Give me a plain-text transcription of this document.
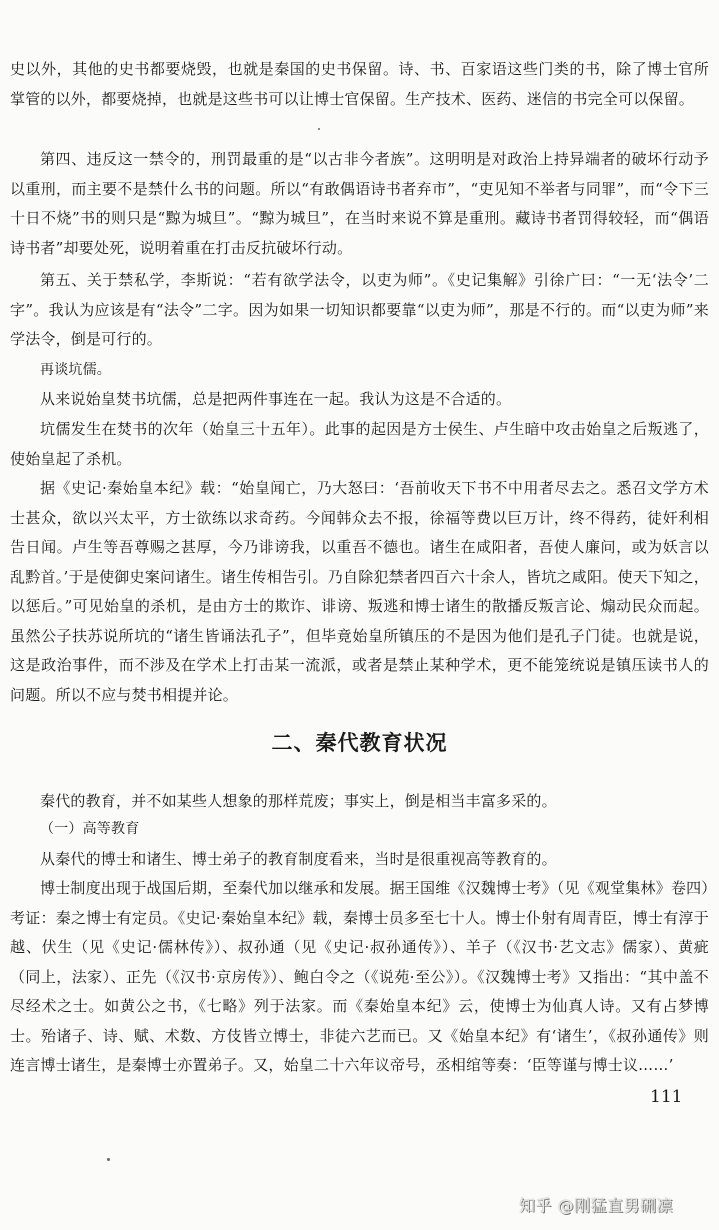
史以外，其他的史书都要烧毁，也就是秦国的史书保留。诗、书、百家语这些门类的书，除了博士官所掌管的以外，都要烧掉，也就是这些书可以让博士官保留。生产技术、医药、迷信的书完全可以保留。

第四、违反这一禁令的，刑罚最重的是“以古非今者族”。这明明是对政治上持异端者的破坏行动予以重刑，而主要不是禁什么书的问题。所以“有敢偶语诗书者弃市”，“吏见知不举者与同罪”，而“令下三十日不烧”书的则只是“黥为城旦”。“黥为城旦”，在当时来说不算是重刑。藏诗书者罚得较轻，而“偶语诗书者”却要处死，说明着重在打击反抗破坏行动。

第五、关于禁私学，李斯说：“若有欲学法令，以吏为师”。《史记集解》引徐广曰：“一无‘法令’二字”。我认为应该是有“法令”二字。因为如果一切知识都要靠“以吏为师”，那是不行的。而“以吏为师”来学法令，倒是可行的。

再谈坑儒。

从来说始皇焚书坑儒，总是把两件事连在一起。我认为这是不合适的。

坑儒发生在焚书的次年（始皇三十五年）。此事的起因是方士侯生、卢生暗中攻击始皇之后叛逃了，使始皇起了杀机。

据《史记·秦始皇本纪》载：“始皇闻亡，乃大怒曰：‘吾前收天下书不中用者尽去之。悉召文学方术士甚众，欲以兴太平，方士欲练以求奇药。今闻韩众去不报，徐福等费以巨万计，终不得药，徒奸利相告日闻。卢生等吾尊赐之甚厚，今乃诽谤我，以重吾不德也。诸生在咸阳者，吾使人廉问，或为妖言以乱黔首。’于是使御史案问诸生。诸生传相告引。乃自除犯禁者四百六十余人，皆坑之咸阳。使天下知之，以惩后。”可见始皇的杀机，是由方士的欺诈、诽谤、叛逃和博士诸生的散播反叛言论、煽动民众而起。虽然公子扶苏说所坑的“诸生皆诵法孔子”，但毕竟始皇所镇压的不是因为他们是孔子门徒。也就是说，这是政治事件，而不涉及在学术上打击某一流派，或者是禁止某种学术，更不能笼统说是镇压读书人的问题。所以不应与焚书相提并论。

二、秦代教育状况

秦代的教育，并不如某些人想象的那样荒废；事实上，倒是相当丰富多采的。

（一）高等教育

从秦代的博士和诸生、博士弟子的教育制度看来，当时是很重视高等教育的。

博士制度出现于战国后期，至秦代加以继承和发展。据王国维《汉魏博士考》（见《观堂集林》卷四）考证：秦之博士有定员。《史记·秦始皇本纪》载，秦博士员多至七十人。博士仆射有周青臣，博士有淳于越、伏生（见《史记·儒林传》）、叔孙通（见《史记·叔孙通传》）、羊子（《汉书·艺文志》儒家）、黄疵（同上，法家）、正先（《汉书·京房传》）、鲍白令之（《说苑·至公》）。《汉魏博士考》又指出：“其中盖不尽经术之士。如黄公之书，《七略》列于法家。而《秦始皇本纪》云，使博士为仙真人诗。又有占梦博士。殆诸子、诗、赋、术数、方伎皆立博士，非徒六艺而已。又《始皇本纪》有‘诸生’，《叔孙通传》则连言博士诸生，是秦博士亦置弟子。又，始皇二十六年议帝号，丞相绾等奏：‘臣等谨与博士议……’

111
知乎 @刚猛直男硎凛
